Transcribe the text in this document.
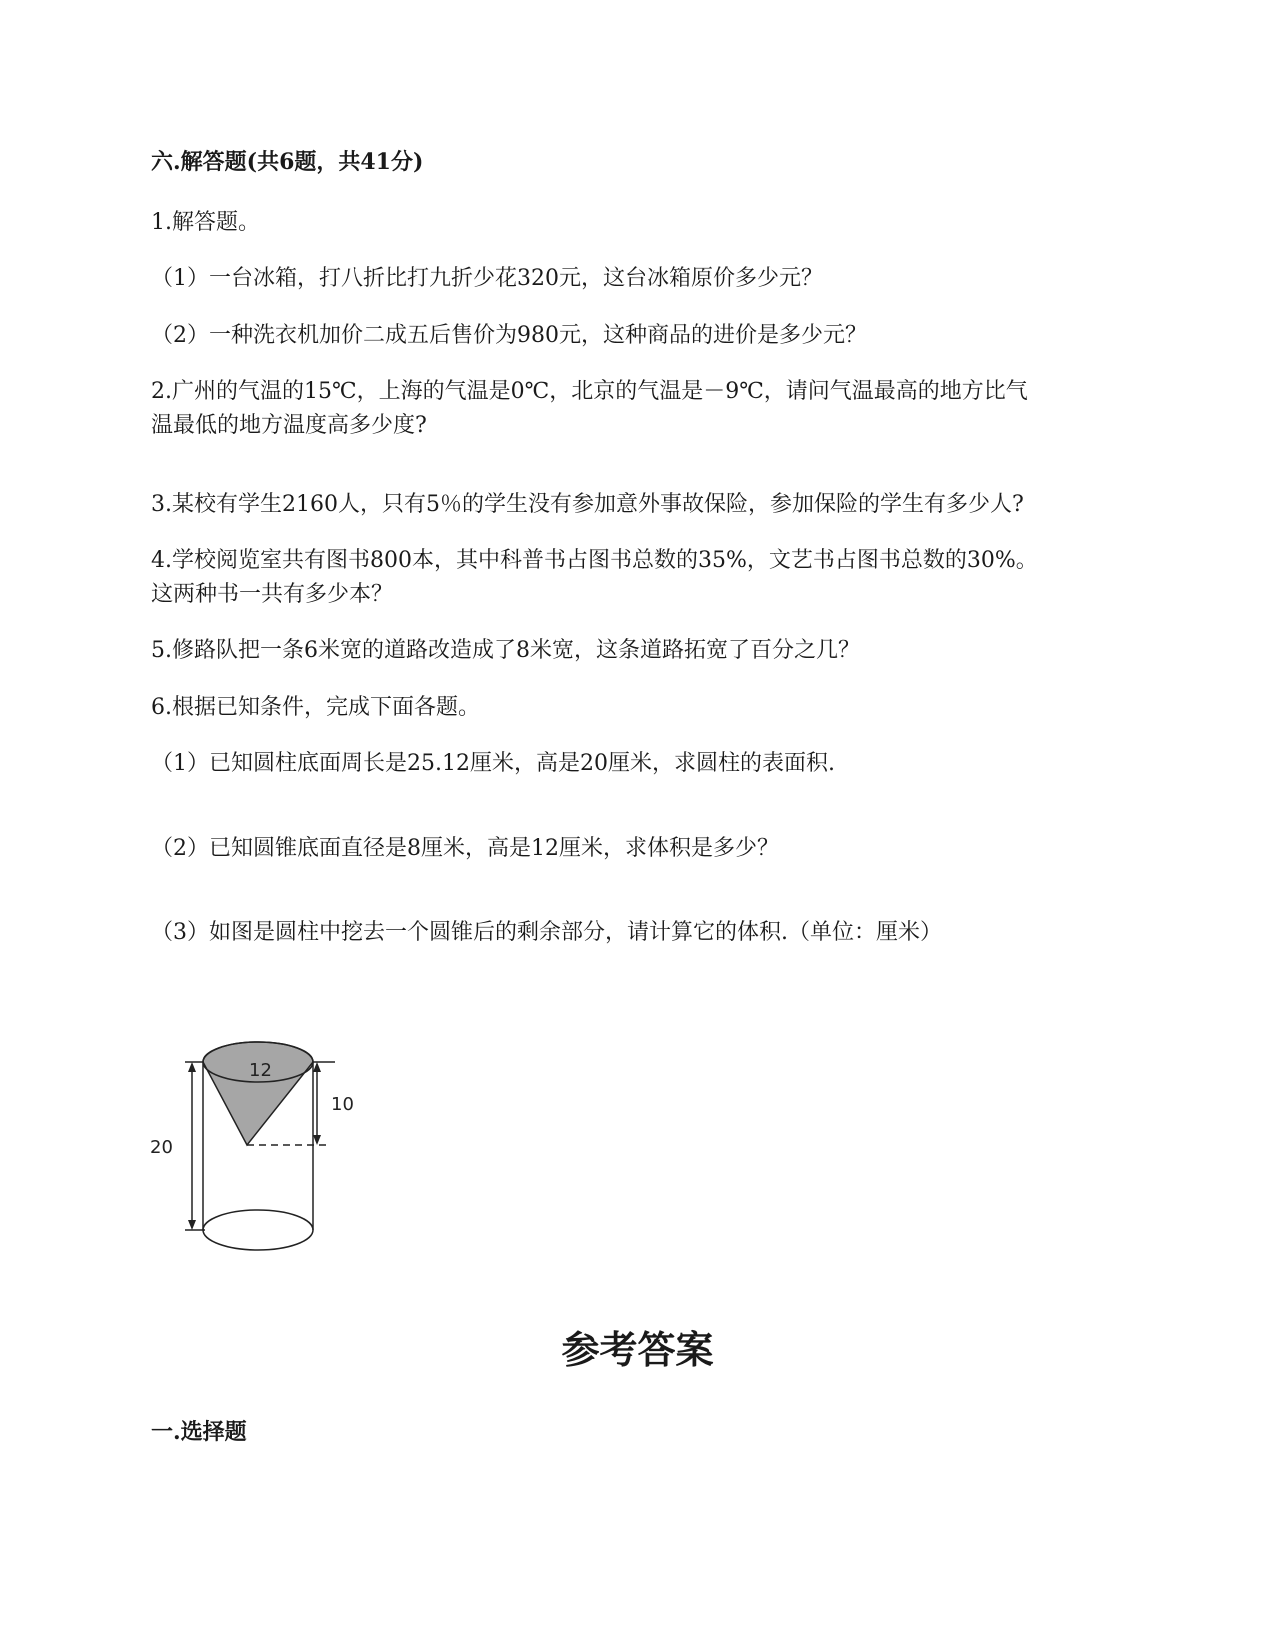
六.解答题(共6题，共41分)
1.解答题。
（1）一台冰箱，打八折比打九折少花320元，这台冰箱原价多少元？
（2）一种洗衣机加价二成五后售价为980元，这种商品的进价是多少元？
2.广州的气温的15℃，上海的气温是0℃，北京的气温是－9℃，请问气温最高的地方比气
温最低的地方温度高多少度?
3.某校有学生2160人，只有5％的学生没有参加意外事故保险，参加保险的学生有多少人?
4.学校阅览室共有图书800本，其中科普书占图书总数的35%，文艺书占图书总数的30%。
这两种书一共有多少本？
5.修路队把一条6米宽的道路改造成了8米宽，这条道路拓宽了百分之几？
6.根据已知条件，完成下面各题。
（1）已知圆柱底面周长是25.12厘米，高是20厘米，求圆柱的表面积.
（2）已知圆锥底面直径是8厘米，高是12厘米，求体积是多少？
（3）如图是圆柱中挖去一个圆锥后的剩余部分，请计算它的体积.（单位：厘米）
20
12
10
参考答案
一.选择题
